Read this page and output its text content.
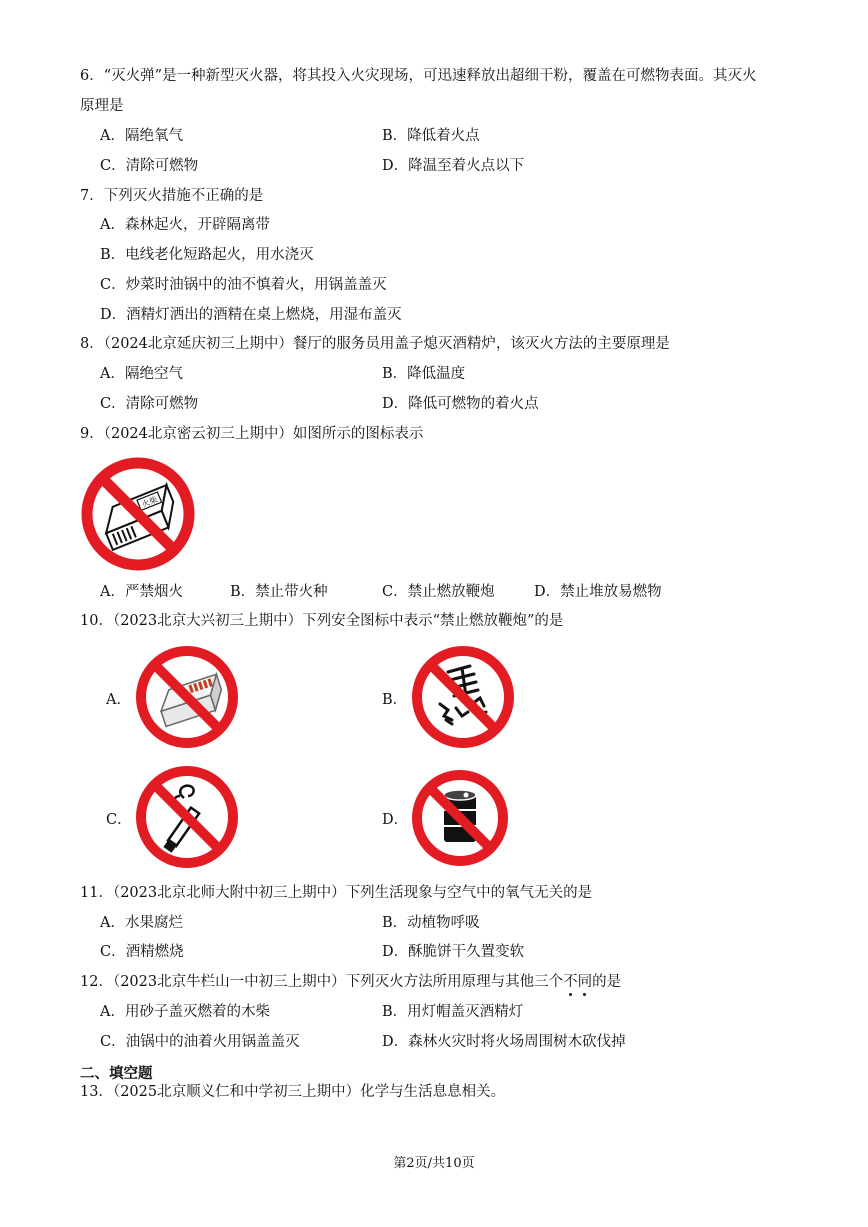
6．“灭火弹”是一种新型灭火器，将其投入火灾现场，可迅速释放出超细干粉，覆盖在可燃物表面。其灭火
原理是
A．隔绝氧气	B．降低着火点
C．清除可燃物	D．降温至着火点以下
7．下列灭火措施不正确的是
A．森林起火，开辟隔离带
B．电线老化短路起火，用水浇灭
C．炒菜时油锅中的油不慎着火，用锅盖盖灭
D．酒精灯洒出的酒精在桌上燃烧，用湿布盖灭
8．（2024北京延庆初三上期中）餐厅的服务员用盖子熄灭酒精炉，该灭火方法的主要原理是
A．隔绝空气	B．降低温度
C．清除可燃物	D．降低可燃物的着火点
9．（2024北京密云初三上期中）如图所示的图标表示
火柴
A．严禁烟火	B．禁止带火种	C．禁止燃放鞭炮	D．禁止堆放易燃物
10．（2023北京大兴初三上期中）下列安全图标中表示“禁止燃放鞭炮”的是
A．	B．
C．	D．
11．（2023北京北师大附中初三上期中）下列生活现象与空气中的氧气无关的是
A．水果腐烂	B．动植物呼吸
C．酒精燃烧	D．酥脆饼干久置变软
12．（2023北京牛栏山一中初三上期中）下列灭火方法所用原理与其他三个不同的是
A．用砂子盖灭燃着的木柴	B．用灯帽盖灭酒精灯
C．油锅中的油着火用锅盖盖灭	D．森林火灾时将火场周围树木砍伐掉
二、填空题
13．（2025北京顺义仁和中学初三上期中）化学与生活息息相关。
第2页/共10页
